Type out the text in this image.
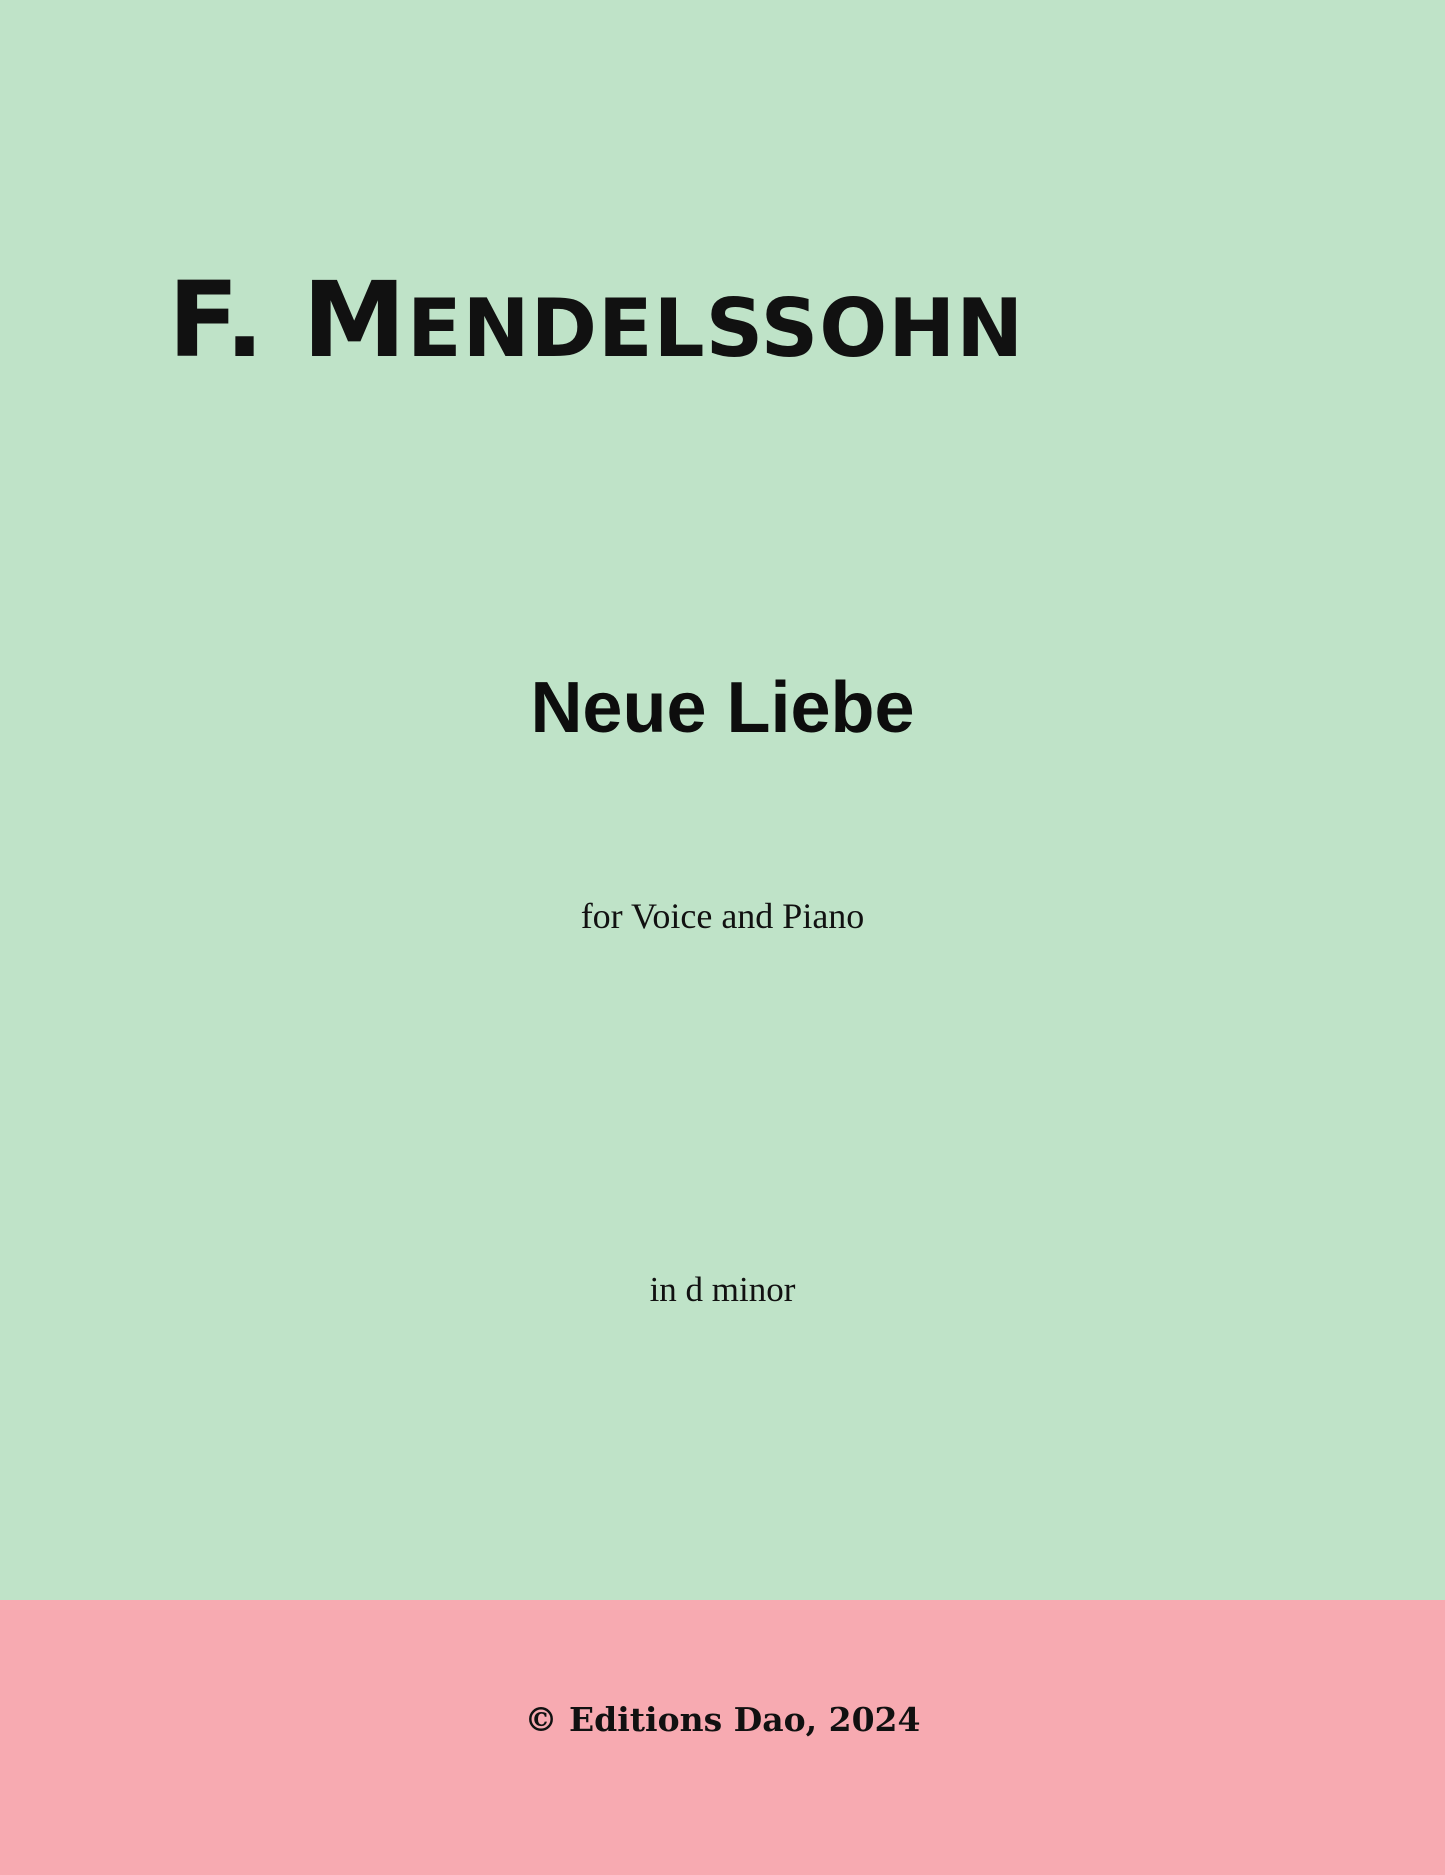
F. MENDELSSOHN
Neue Liebe
for Voice and Piano
in d minor
© Editions Dao, 2024
